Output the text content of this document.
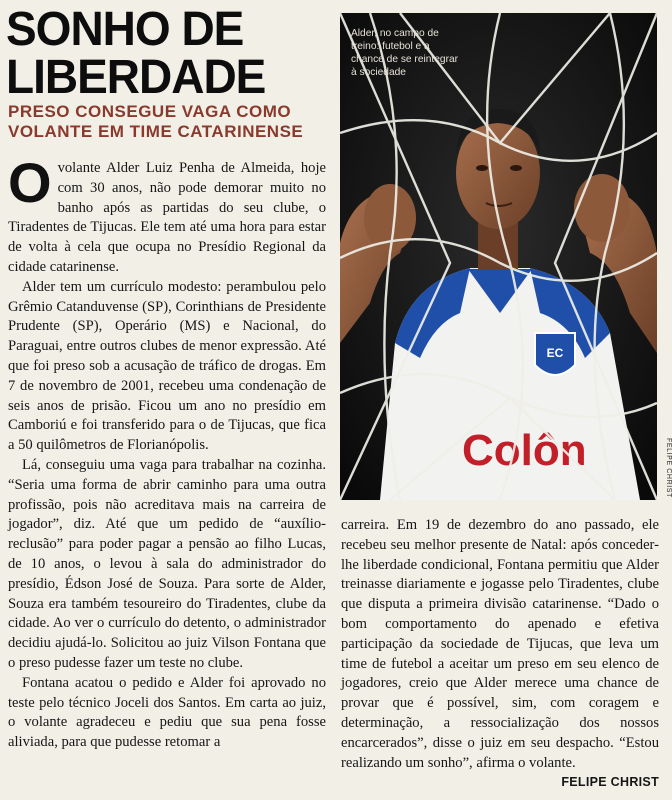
SONHO DE
LIBERDADE
PRESO CONSEGUE VAGA COMO
VOLANTE EM TIME CATARINENSE

Ovolante Alder Luiz Penha de Almeida, hoje com 30 anos, não pode demorar muito no banho após as partidas do seu clube, o Tiradentes de Tijucas. Ele tem até uma hora para estar de volta à cela que ocupa no Presídio Regional da cidade catarinense.

Alder tem um currículo modesto: perambulou pelo Grêmio Catanduvense (SP), Corinthians de Presidente Prudente (SP), Operário (MS) e Nacional, do Paraguai, entre outros clubes de menor expressão. Até que foi preso sob a acusação de tráfico de drogas. Em 7 de novembro de 2001, recebeu uma condenação de seis anos de prisão. Ficou um ano no presídio em Camboriú e foi transferido para o de Tijucas, que fica a 50 quilômetros de Florianópolis.

Lá, conseguiu uma vaga para trabalhar na cozinha. “Seria uma forma de abrir caminho para uma outra profissão, pois não acreditava mais na carreira de jogador”, diz. Até que um pedido de “auxílio-reclusão” para poder pagar a pensão ao filho Lucas, de 10 anos, o levou à sala do administrador do presídio, Édson José de Souza. Para sorte de Alder, Souza era também tesoureiro do Tiradentes, clube da cidade. Ao ver o currículo do detento, o administrador decidiu ajudá-lo. Solicitou ao juiz Vilson Fontana que o preso pudesse fazer um teste no clube.

Fontana acatou o pedido e Alder foi aprovado no teste pelo técnico Joceli dos Santos. Em carta ao juiz, o volante agradeceu e pediu que sua pena fosse aliviada, para que pudesse retomar a

EC
Lotto
Colôn

Alder, no campo de treino: futebol e a chance de se reintegrar à sociedade

FELIPE CHRIST

carreira. Em 19 de dezembro do ano passado, ele recebeu seu melhor presente de Natal: após conceder-lhe liberdade condicional, Fontana permitiu que Alder treinasse diariamente e jogasse pelo Tiradentes, clube que disputa a primeira divisão catarinense. “Dado o bom comportamento do apenado e efetiva participação da sociedade de Tijucas, que leva um time de futebol a aceitar um preso em seu elenco de jogadores, creio que Alder merece uma chance de provar que é possível, sim, com coragem e determinação, a ressocialização dos nossos encarcerados”, disse o juiz em seu despacho. “Estou realizando um sonho”, afirma o volante.
FELIPE CHRIST
